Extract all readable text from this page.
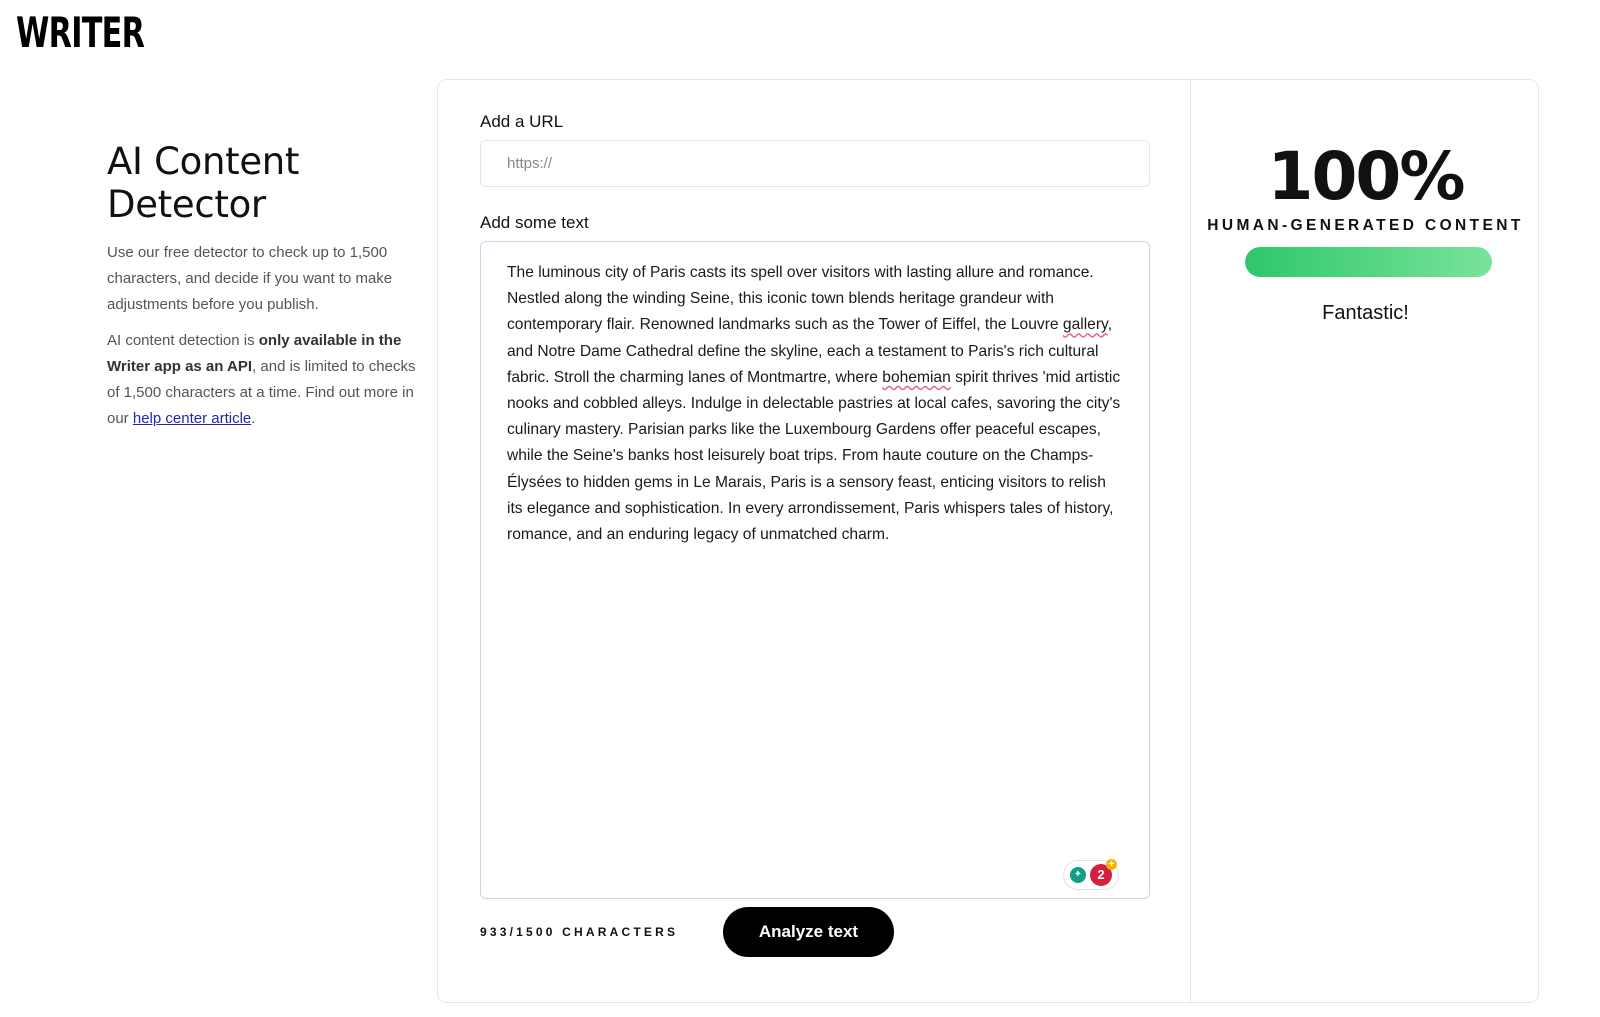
WRITER
AI Content Detector

Use our free detector to check up to 1,500 characters, and decide if you want to make adjustments before you publish.

AI content detection is only available in the Writer app as an API, and is limited to checks of 1,500 characters at a time. Find out more in our help center article.

Add a URL
https://
Add some text
The luminous city of Paris casts its spell over visitors with lasting allure and romance. Nestled along the winding Seine, this iconic town blends heritage grandeur with contemporary flair. Renowned landmarks such as the Tower of Eiffel, the Louvre gallery, and Notre Dame Cathedral define the skyline, each a testament to Paris's rich cultural fabric. Stroll the charming lanes of Montmartre, where bohemian spirit thrives 'mid artistic nooks and cobbled alleys. Indulge in delectable pastries at local cafes, savoring the city's culinary mastery. Parisian parks like the Luxembourg Gardens offer peaceful escapes, while the Seine's banks host leisurely boat trips. From haute couture on the Champs-Élysées to hidden gems in Le Marais, Paris is a sensory feast, enticing visitors to relish its elegance and sophistication. In every arrondissement, Paris whispers tales of history, romance, and an enduring legacy of unmatched charm.
✦ 2
+
933/1500 CHARACTERS	Analyze text
100%
HUMAN-GENERATED CONTENT
Fantastic!
